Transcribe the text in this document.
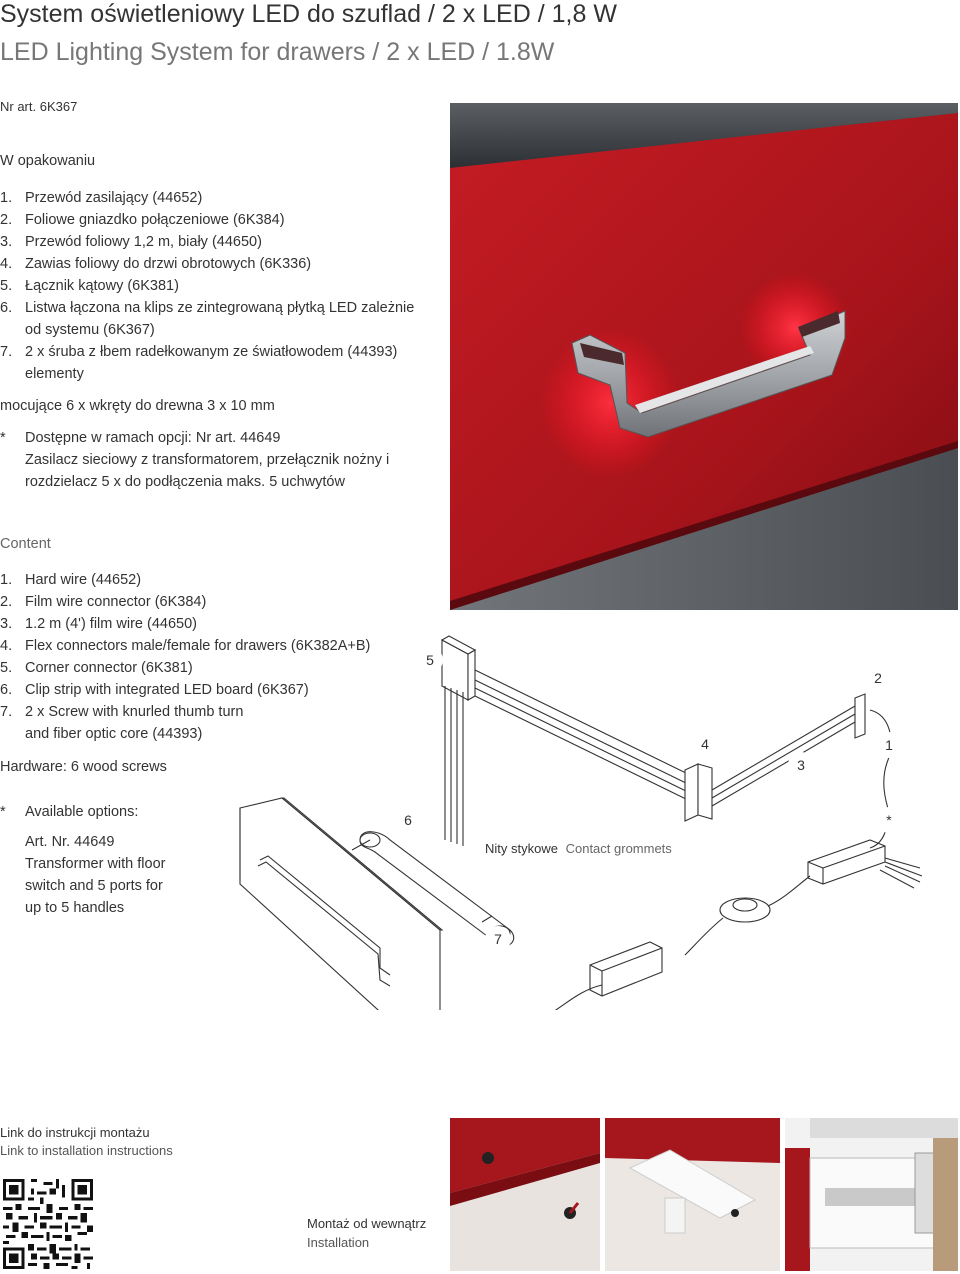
System oświetleniowy LED do szuflad / 2 x LED / 1,8 W
LED Lighting System for drawers / 2 x LED / 1.8W
Nr art. 6K367
W opakowaniu
1. Przewód zasilający (44652)
2. Foliowe gniazdko połączeniowe (6K384)
3. Przewód foliowy 1,2 m, biały (44650)
4. Zawias foliowy do drzwi obrotowych (6K336)
5. Łącznik kątowy (6K381)
6. Listwa łączona na klips ze zintegrowaną płytką LED zależnie
od systemu (6K367)
7. 2 x śruba z łbem radełkowanym ze światłowodem (44393)
elementy
mocujące 6 x wkręty do drewna 3 x 10 mm
* Dostępne w ramach opcji: Nr art. 44649
Zasilacz sieciowy z transformatorem, przełącznik nożny i
rozdzielacz 5 x do podłączenia maks. 5 uchwytów
Content
1. Hard wire (44652)
2. Film wire connector (6K384)
3. 1.2 m (4') film wire (44650)
4. Flex connectors male/female for drawers (6K382A+B)
5. Corner connector (6K381)
6. Clip strip with integrated LED board (6K367)
7. 2 x Screw with knurled thumb turn
and fiber optic core (44393)
Hardware: 6 wood screws
* Available options:
Art. Nr. 44649
Transformer with floor
switch and 5 ports for
up to 5 handles
5
2
4	1
3
6	*
7
Nity stykowe Contact grommets
Link do instrukcji montażu
Link to installation instructions
Montaż od wewnątrz
Installation
